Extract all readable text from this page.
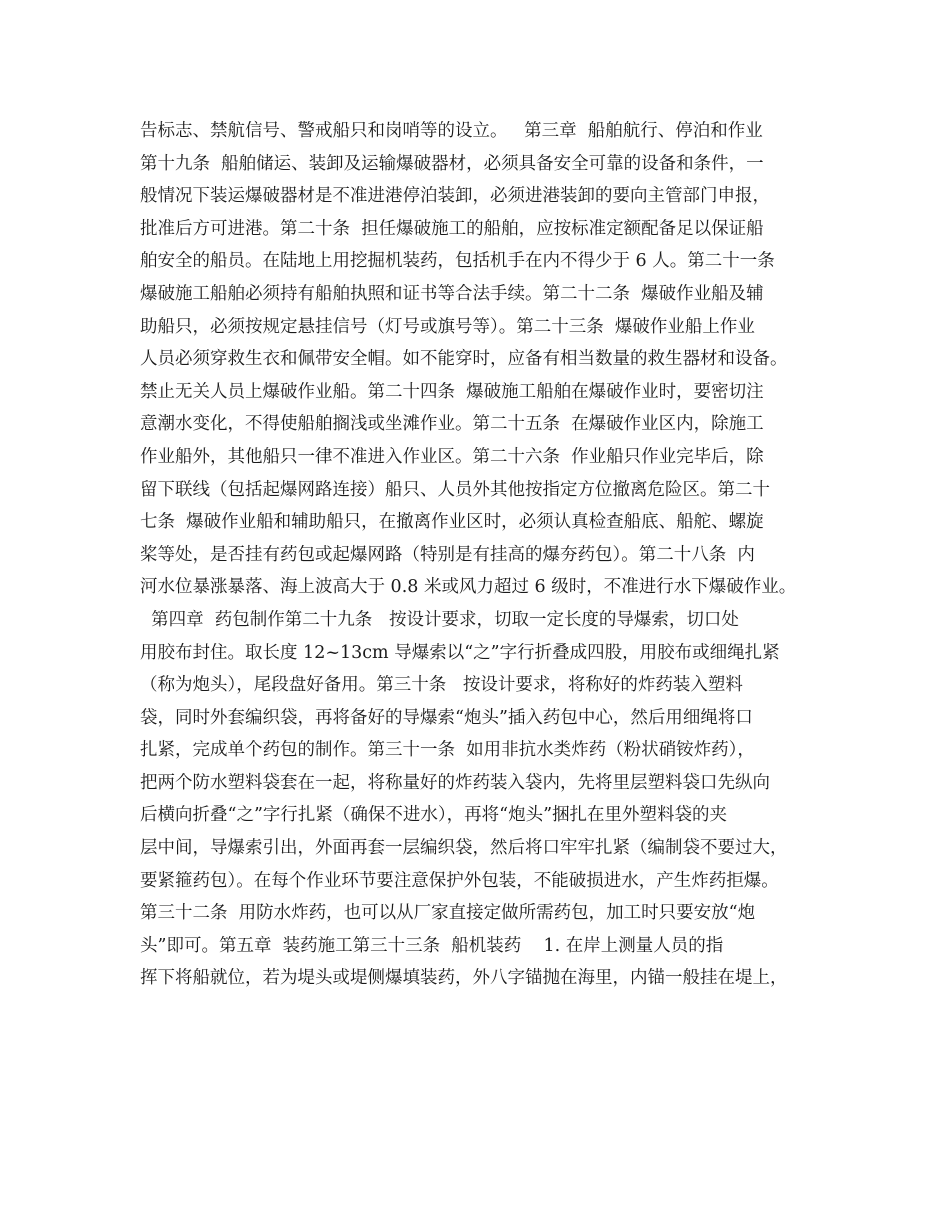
告标志、禁航信号、警戒船只和岗哨等的设立。   第三章  船舶航行、停泊和作业
第十九条  船舶储运、装卸及运输爆破器材，必须具备安全可靠的设备和条件，一
般情况下装运爆破器材是不准进港停泊装卸，必须进港装卸的要向主管部门申报，
批准后方可进港。第二十条  担任爆破施工的船舶，应按标准定额配备足以保证船
舶安全的船员。在陆地上用挖掘机装药，包括机手在内不得少于 6 人。第二十一条
爆破施工船舶必须持有船舶执照和证书等合法手续。第二十二条  爆破作业船及辅
助船只，必须按规定悬挂信号（灯号或旗号等）。第二十三条  爆破作业船上作业
人员必须穿救生衣和佩带安全帽。如不能穿时，应备有相当数量的救生器材和设备。
禁止无关人员上爆破作业船。第二十四条  爆破施工船舶在爆破作业时，要密切注
意潮水变化，不得使船舶搁浅或坐滩作业。第二十五条  在爆破作业区内，除施工
作业船外，其他船只一律不准进入作业区。第二十六条  作业船只作业完毕后，除
留下联线（包括起爆网路连接）船只、人员外其他按指定方位撤离危险区。第二十
七条  爆破作业船和辅助船只，在撤离作业区时，必须认真检查船底、船舵、螺旋
桨等处，是否挂有药包或起爆网路（特别是有挂高的爆夯药包）。第二十八条  内
河水位暴涨暴落、海上波高大于 0.8 米或风力超过 6 级时，不准进行水下爆破作业。
第四章  药包制作第二十九条   按设计要求，切取一定长度的导爆索，切口处
用胶布封住。取长度 12~13cm 导爆索以“之”字行折叠成四股，用胶布或细绳扎紧
（称为炮头），尾段盘好备用。第三十条   按设计要求，将称好的炸药装入塑料
袋，同时外套编织袋，再将备好的导爆索“炮头”插入药包中心，然后用细绳将口
扎紧，完成单个药包的制作。第三十一条  如用非抗水类炸药（粉状硝铵炸药），
把两个防水塑料袋套在一起，将称量好的炸药装入袋内，先将里层塑料袋口先纵向
后横向折叠“之”字行扎紧（确保不进水），再将“炮头”捆扎在里外塑料袋的夹
层中间，导爆索引出，外面再套一层编织袋，然后将口牢牢扎紧（编制袋不要过大，
要紧箍药包）。在每个作业环节要注意保护外包装，不能破损进水，产生炸药拒爆。
第三十二条  用防水炸药，也可以从厂家直接定做所需药包，加工时只要安放“炮
头”即可。第五章  装药施工第三十三条  船机装药    1. 在岸上测量人员的指
挥下将船就位，若为堤头或堤侧爆填装药，外八字锚抛在海里，内锚一般挂在堤上，
